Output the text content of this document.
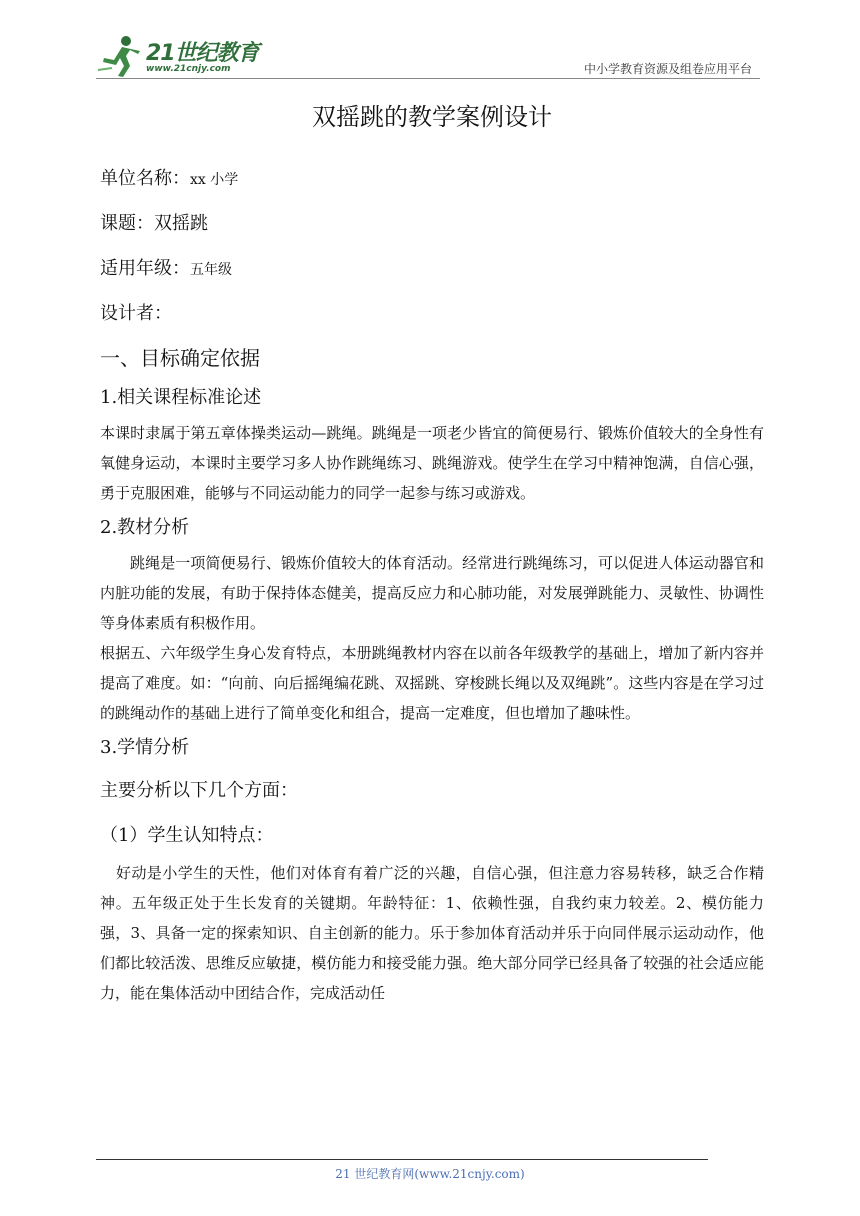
21世纪教育
www.21cnjy.com	中小学教育资源及组卷应用平台
双摇跳的教学案例设计
单位名称：xx 小学
课题：双摇跳
适用年级：五年级
设计者：
一、目标确定依据
1.相关课程标准论述

本课时隶属于第五章体操类运动—跳绳。跳绳是一项老少皆宜的简便易行、锻炼价值较大的全身性有氧健身运动，本课时主要学习多人协作跳绳练习、跳绳游戏。使学生在学习中精神饱满，自信心强，勇于克服困难，能够与不同运动能力的同学一起参与练习或游戏。

2.教材分析

跳绳是一项简便易行、锻炼价值较大的体育活动。经常进行跳绳练习，可以促进人体运动器官和内脏功能的发展，有助于保持体态健美，提高反应力和心肺功能，对发展弹跳能力、灵敏性、协调性等身体素质有积极作用。

根据五、六年级学生身心发育特点，本册跳绳教材内容在以前各年级教学的基础上，增加了新内容并提高了难度。如：“向前、向后摇绳编花跳、双摇跳、穿梭跳长绳以及双绳跳”。这些内容是在学习过的跳绳动作的基础上进行了简单变化和组合，提高一定难度，但也增加了趣味性。

3.学情分析
主要分析以下几个方面：
（1）学生认知特点：

好动是小学生的天性，他们对体育有着广泛的兴趣，自信心强，但注意力容易转移，缺乏合作精神。五年级正处于生长发育的关键期。年龄特征：1、依赖性强，自我约束力较差。2、模仿能力强，3、具备一定的探索知识、自主创新的能力。乐于参加体育活动并乐于向同伴展示运动动作，他们都比较活泼、思维反应敏捷，模仿能力和接受能力强。绝大部分同学已经具备了较强的社会适应能力，能在集体活动中团结合作，完成活动任

21 世纪教育网(www.21cnjy.com)
